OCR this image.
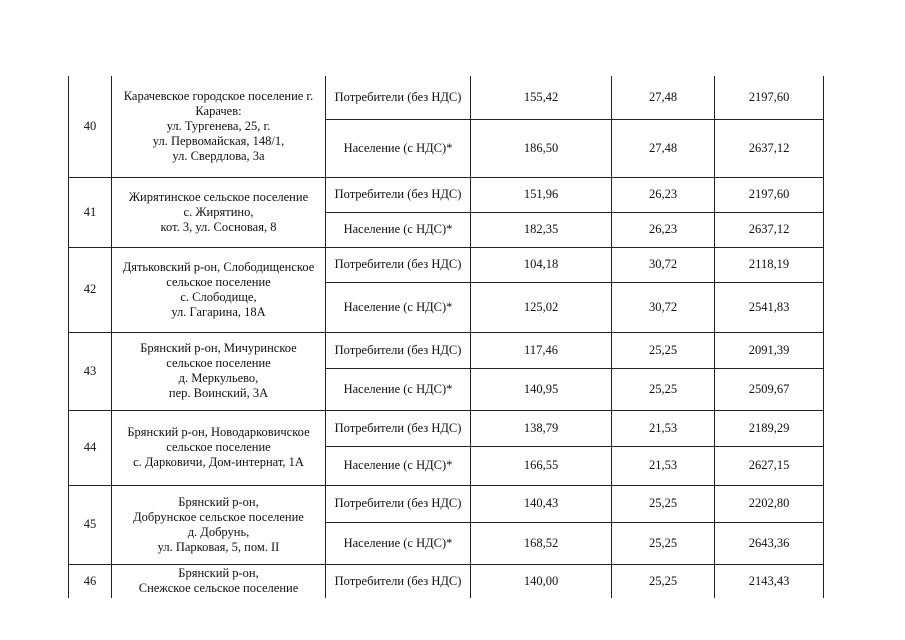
40	Карачевское городское поселение г.
Карачев:
ул. Тургенева, 25, г.
ул. Первомайская, 148/1,
ул. Свердлова, 3а	Потребители (без НДС)	155,42	27,48	2197,60
		Население (с НДС)*	186,50	27,48	2637,12
41	Жирятинское сельское поселение
с. Жирятино,
кот. 3, ул. Сосновая, 8	Потребители (без НДС)	151,96	26,23	2197,60
		Население (с НДС)*	182,35	26,23	2637,12
42	Дятьковский р-он, Слободищенское
сельское поселение
с. Слободище,
ул. Гагарина, 18А	Потребители (без НДС)	104,18	30,72	2118,19
		Население (с НДС)*	125,02	30,72	2541,83
43	Брянский р-он, Мичуринское
сельское поселение
д. Меркульево,
пер. Воинский, 3А	Потребители (без НДС)	117,46	25,25	2091,39
		Население (с НДС)*	140,95	25,25	2509,67
44	Брянский р-он, Новодарковичское
сельское поселение
с. Дарковичи, Дом-интернат, 1А	Потребители (без НДС)	138,79	21,53	2189,29
		Население (с НДС)*	166,55	21,53	2627,15
45	Брянский р-он,
Добрунское сельское поселение
д. Добрунь,
ул. Парковая, 5, пом. II	Потребители (без НДС)	140,43	25,25	2202,80
		Население (с НДС)*	168,52	25,25	2643,36
46	Брянский р-он,
Снежское сельское поселение	Потребители (без НДС)	140,00	25,25	2143,43
